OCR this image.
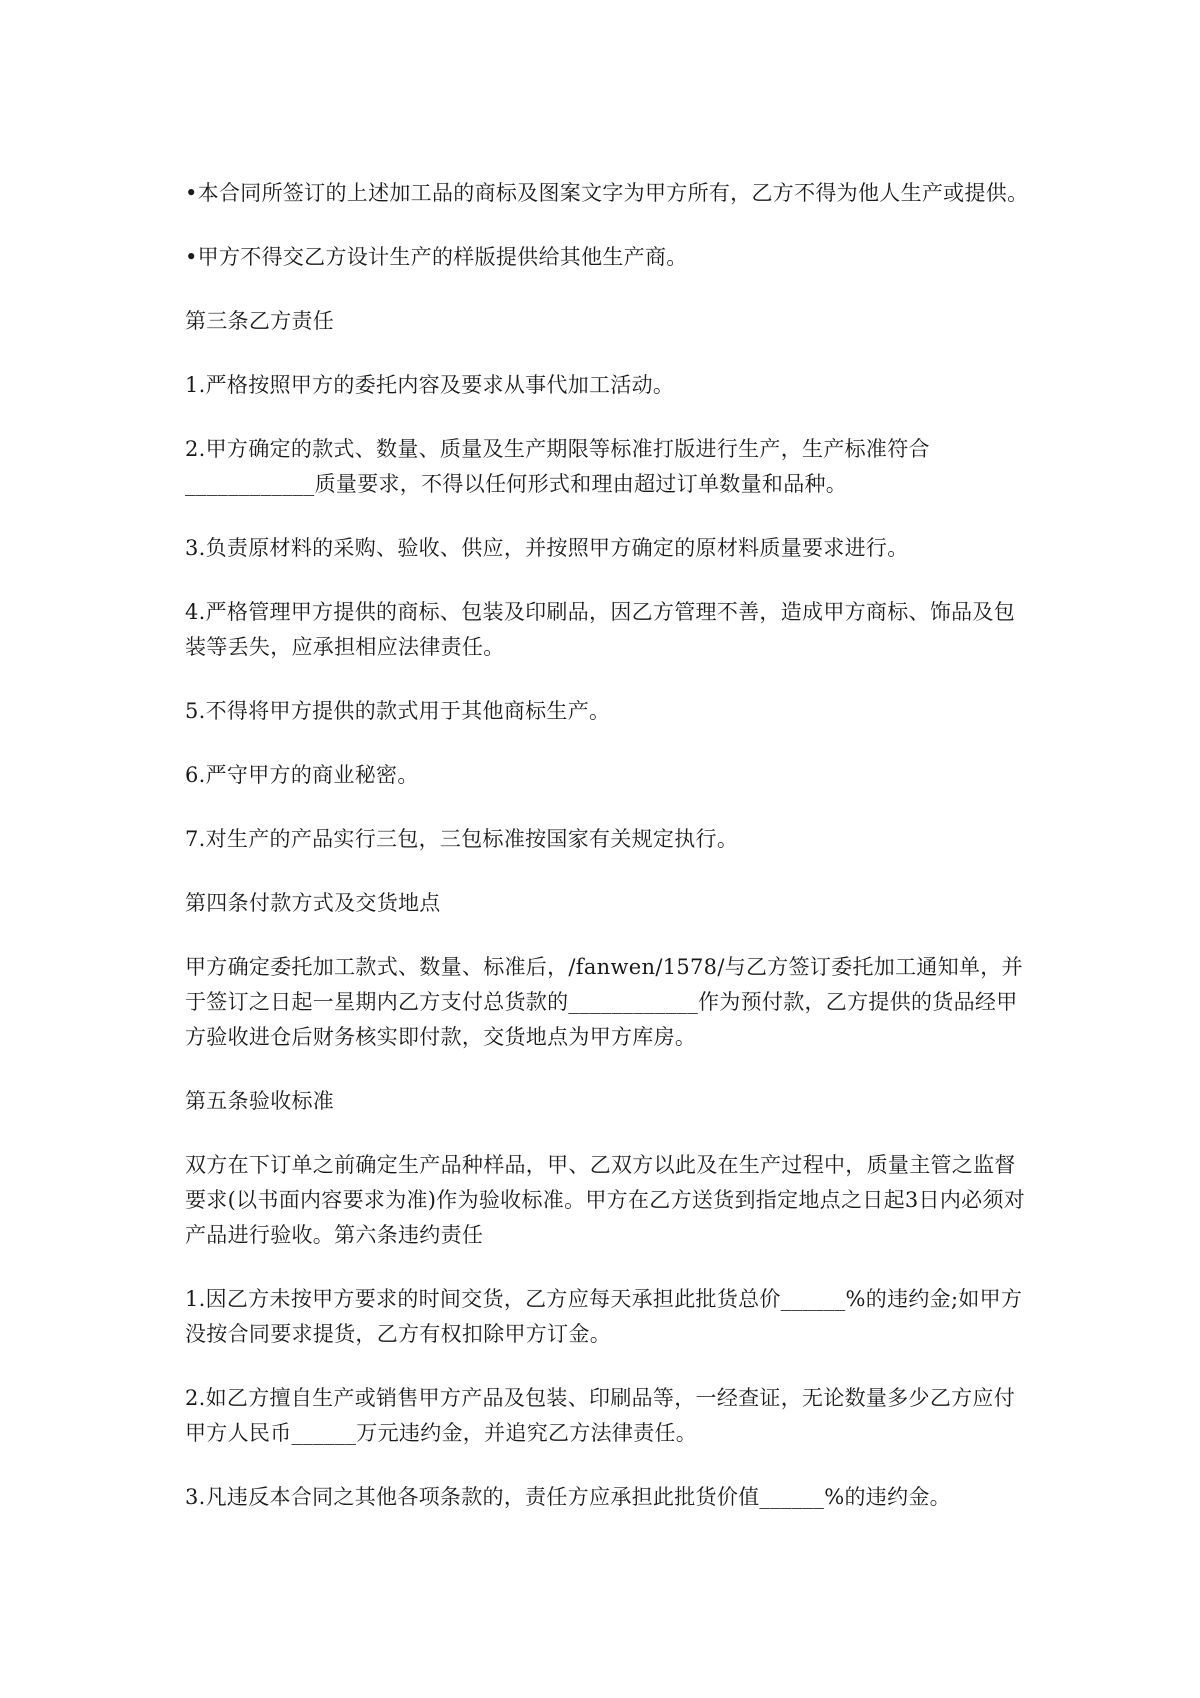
•本合同所签订的上述加工品的商标及图案文字为甲方所有，乙方不得为他人生产或提供。

•甲方不得交乙方设计生产的样版提供给其他生产商。

第三条乙方责任

1.严格按照甲方的委托内容及要求从事代加工活动。

2.甲方确定的款式、数量、质量及生产期限等标准打版进行生产，生产标准符合____________质量要求，不得以任何形式和理由超过订单数量和品种。

3.负责原材料的采购、验收、供应，并按照甲方确定的原材料质量要求进行。

4.严格管理甲方提供的商标、包装及印刷品，因乙方管理不善，造成甲方商标、饰品及包装等丢失，应承担相应法律责任。

5.不得将甲方提供的款式用于其他商标生产。

6.严守甲方的商业秘密。

7.对生产的产品实行三包，三包标准按国家有关规定执行。

第四条付款方式及交货地点

甲方确定委托加工款式、数量、标准后，/fanwen/1578/与乙方签订委托加工通知单，并于签订之日起一星期内乙方支付总货款的____________作为预付款，乙方提供的货品经甲方验收进仓后财务核实即付款，交货地点为甲方库房。

第五条验收标准

双方在下订单之前确定生产品种样品，甲、乙双方以此及在生产过程中，质量主管之监督要求(以书面内容要求为准)作为验收标准。甲方在乙方送货到指定地点之日起3日内必须对产品进行验收。第六条违约责任

1.因乙方未按甲方要求的时间交货，乙方应每天承担此批货总价______%的违约金;如甲方没按合同要求提货，乙方有权扣除甲方订金。

2.如乙方擅自生产或销售甲方产品及包装、印刷品等，一经查证，无论数量多少乙方应付甲方人民币______万元违约金，并追究乙方法律责任。

3.凡违反本合同之其他各项条款的，责任方应承担此批货价值______%的违约金。
